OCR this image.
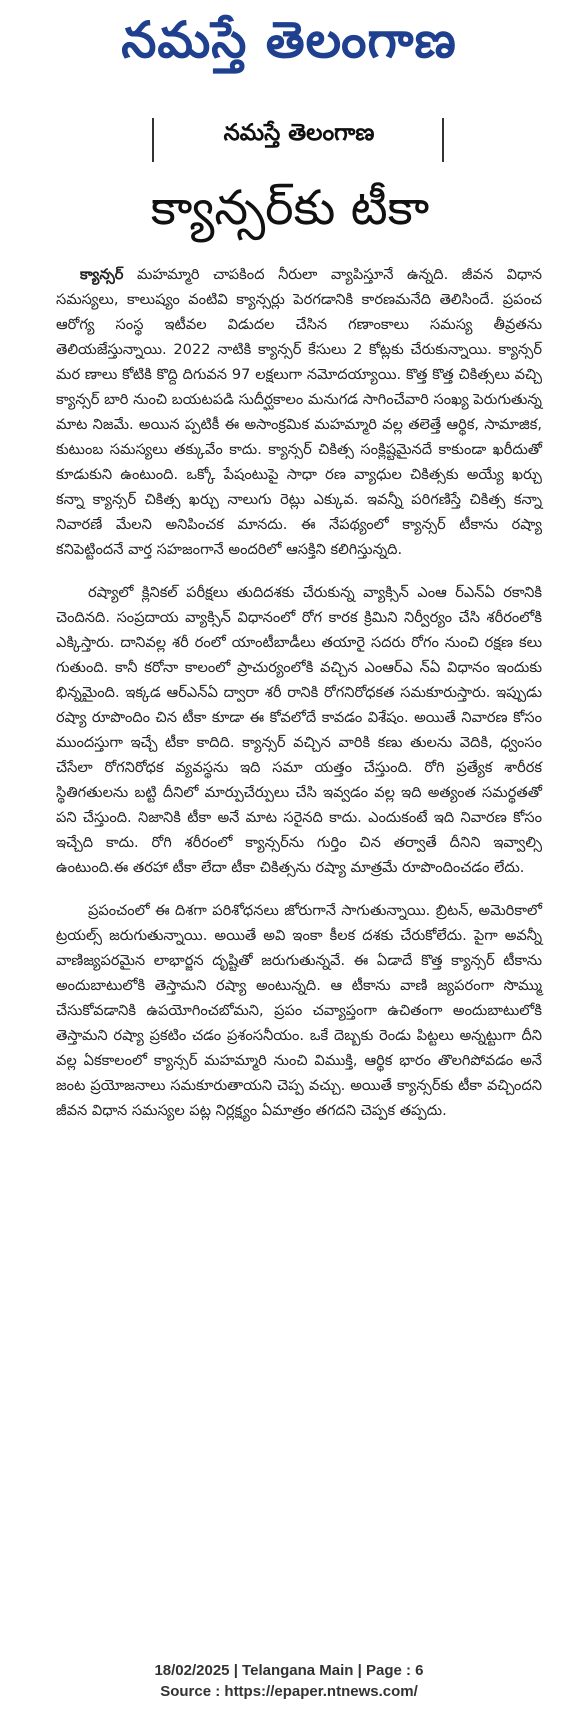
నమస్తే తెలంగాణ
నమస్తే తెలంగాణ
క్యాన్సర్‌కు టీకా

క్యాన్సర్ మహమ్మారి చాపకింద నీరులా వ్యాపిస్తూనే ఉన్నది. జీవన విధాన సమస్యలు, కాలుష్యం వంటివి క్యాన్సర్లు పెరగడానికి కారణమనేది తెలిసిందే. ప్రపంచ ఆరోగ్య సంస్థ ఇటీవల విడుదల చేసిన గణాంకాలు సమస్య తీవ్రతను తెలియజేస్తున్నాయి. 2022 నాటికి క్యాన్సర్ కేసులు 2 కోట్లకు చేరుకున్నాయి. క్యాన్సర్ మర ణాలు కోటికి కొద్ది దిగువన 97 లక్షలుగా నమోదయ్యాయి. కొత్త కొత్త చికిత్సలు వచ్చి క్యాన్సర్ బారి నుంచి బయటపడి సుదీర్ఘకాలం మనుగడ సాగించేవారి సంఖ్య పెరుగుతున్న మాట నిజమే. అయిన ప్పటికీ ఈ అసాంక్రమిక మహమ్మారి వల్ల తలెత్తే ఆర్థిక, సామాజిక, కుటుంబ సమస్యలు తక్కువేం కాదు. క్యాన్సర్ చికిత్స సంక్లిష్టమైనదే కాకుండా ఖరీదుతో కూడుకుని ఉంటుంది. ఒక్కో పేషంటుపై సాధా రణ వ్యాధుల చికిత్సకు అయ్యే ఖర్చు కన్నా క్యాన్సర్ చికిత్స ఖర్చు నాలుగు రెట్లు ఎక్కువ. ఇవన్నీ పరిగణిస్తే చికిత్స కన్నా నివారణే మేలని అనిపించక మానదు. ఈ నేపథ్యంలో క్యాన్సర్ టీకాను రష్యా కనిపెట్టిందనే వార్త సహజంగానే అందరిలో ఆసక్తిని కలిగిస్తున్నది.

రష్యాలో క్లినికల్ పరీక్షలు తుదిదశకు చేరుకున్న వ్యాక్సిన్ ఎంఆ ర్ఎన్ఏ రకానికి చెందినది. సంప్రదాయ వ్యాక్సిన్ విధానంలో రోగ కారక క్రిమిని నిర్వీర్యం చేసి శరీరంలోకి ఎక్కిస్తారు. దానివల్ల శరీ రంలో యాంటీబాడీలు తయారై సదరు రోగం నుంచి రక్షణ కలు గుతుంది. కానీ కరోనా కాలంలో ప్రాచుర్యంలోకి వచ్చిన ఎంఆర్ఎ న్ఏ విధానం ఇందుకు భిన్నమైంది. ఇక్కడ ఆర్ఎన్ఏ ద్వారా శరీ రానికి రోగనిరోధకత సమకూరుస్తారు. ఇప్పుడు రష్యా రూపొందిం చిన టీకా కూడా ఈ కోవలోదే కావడం విశేషం. అయితే నివారణ కోసం ముందస్తుగా ఇచ్చే టీకా కాదిది. క్యాన్సర్ వచ్చిన వారికి కణు తులను వెదికి, ధ్వంసం చేసేలా రోగనిరోధక వ్యవస్థను ఇది సమా యత్తం చేస్తుంది. రోగి ప్రత్యేక శారీరక స్థితిగతులను బట్టి దీనిలో మార్పుచేర్పులు చేసి ఇవ్వడం వల్ల ఇది అత్యంత సమర్థతతో పని చేస్తుంది. నిజానికి టీకా అనే మాట సరైనది కాదు. ఎందుకంటే ఇది నివారణ కోసం ఇచ్చేది కాదు. రోగి శరీరంలో క్యాన్సర్‌ను గుర్తిం చిన తర్వాతే దీనిని ఇవ్వాల్సి ఉంటుంది.ఈ తరహా టీకా లేదా టీకా చికిత్సను రష్యా మాత్రమే రూపొందించడం లేదు.

ప్రపంచంలో ఈ దిశగా పరిశోధనలు జోరుగానే సాగుతున్నాయి. బ్రిటన్, అమెరికాలో ట్రయల్స్ జరుగుతున్నాయి. అయితే అవి ఇంకా కీలక దశకు చేరుకోలేదు. పైగా అవన్నీ వాణిజ్యపరమైన లాభార్జన దృష్టితో జరుగుతున్నవే. ఈ ఏడాదే కొత్త క్యాన్సర్ టీకాను అందుబాటులోకి తెస్తామని రష్యా అంటున్నది. ఆ టీకాను వాణి జ్యపరంగా సొమ్ము చేసుకోవడానికి ఉపయోగించబోమని, ప్రపం చవ్యాప్తంగా ఉచితంగా అందుబాటులోకి తెస్తామని రష్యా ప్రకటిం చడం ప్రశంసనీయం. ఒకే దెబ్బకు రెండు పిట్టలు అన్నట్టుగా దీని వల్ల ఏకకాలంలో క్యాన్సర్ మహమ్మారి నుంచి విముక్తి, ఆర్థిక భారం తొలగిపోవడం అనే జంట ప్రయోజనాలు సమకూరుతాయని చెప్ప వచ్చు. అయితే క్యాన్సర్‌కు టీకా వచ్చిందని జీవన విధాన సమస్యల పట్ల నిర్లక్ష్యం ఏమాత్రం తగదని చెప్పక తప్పదు.

18/02/2025 | Telangana Main | Page : 6
Source : https://epaper.ntnews.com/
